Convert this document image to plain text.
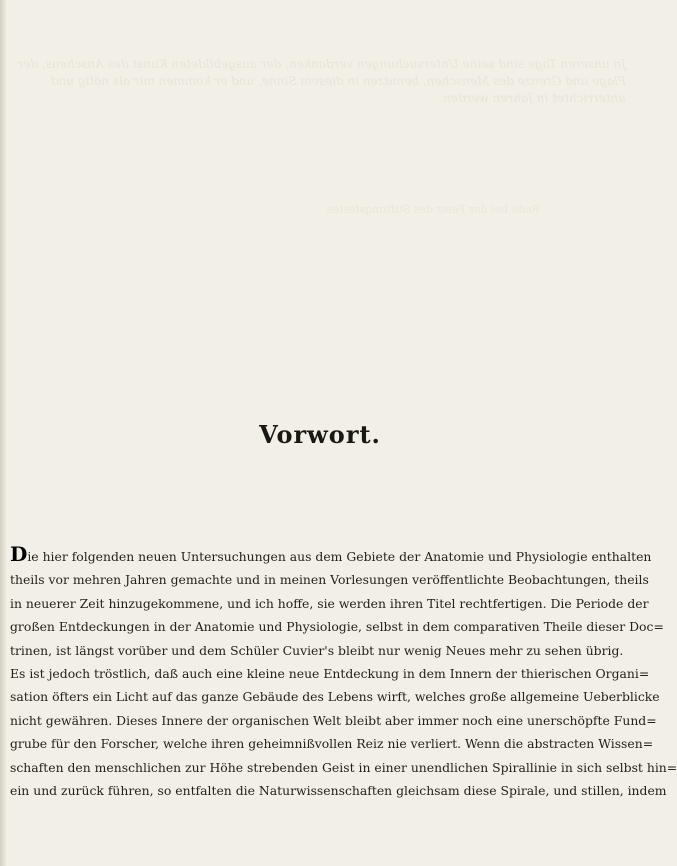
Jn unseren Tage sind seine Untersuchungen verdanken, der ausgebildeten Kunst des Anschens, der
Plage und Grenze des Menschen, benutzen in diesem Sinne, und er kommen mir als nötig und
unterrichtet in Jahren werden.
Rede bei der Feier des Stiftungsfestes
Vorwort.
Die hier folgenden neuen Untersuchungen aus dem Gebiete der Anatomie und Physiologie enthalten
theils vor mehren Jahren gemachte und in meinen Vorlesungen veröffentlichte Beobachtungen, theils
in neuerer Zeit hinzugekommene, und ich hoffe, sie werden ihren Titel rechtfertigen. Die Periode der
großen Entdeckungen in der Anatomie und Physiologie, selbst in dem comparativen Theile dieser Doc=
trinen, ist längst vorüber und dem Schüler Cuvier's bleibt nur wenig Neues mehr zu sehen übrig.
Es ist jedoch tröstlich, daß auch eine kleine neue Entdeckung in dem Innern der thierischen Organi=
sation öfters ein Licht auf das ganze Gebäude des Lebens wirft, welches große allgemeine Ueberblicke
nicht gewähren. Dieses Innere der organischen Welt bleibt aber immer noch eine unerschöpfte Fund=
grube für den Forscher, welche ihren geheimnißvollen Reiz nie verliert. Wenn die abstracten Wissen=
schaften den menschlichen zur Höhe strebenden Geist in einer unendlichen Spirallinie in sich selbst hin=
ein und zurück führen, so entfalten die Naturwissenschaften gleichsam diese Spirale, und stillen, indem
